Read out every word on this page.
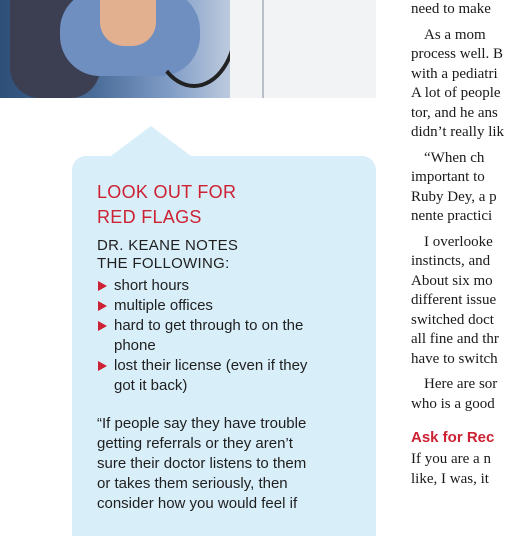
LOOK OUT FOR
RED FLAGS
DR. KEANE NOTES
THE FOLLOWING:
short hours
multiple offices
hard to get through to on the
phone
lost their license (even if they
got it back)
“If people say they have trouble
getting referrals or they aren’t
sure their doctor listens to them
or takes them seriously, then
consider how you would feel if

need to make

As a mom

process well. B

with a pediatri

A lot of people

tor, and he ans

didn’t really lik

“When ch

important to

Ruby Dey, a p

nente practici

I overlooke

instincts, and

About six mo

different issue

switched doct

all fine and thr

have to switch

Here are sor

who is a good

Ask for Rec

If you are a n

like, I was, it
